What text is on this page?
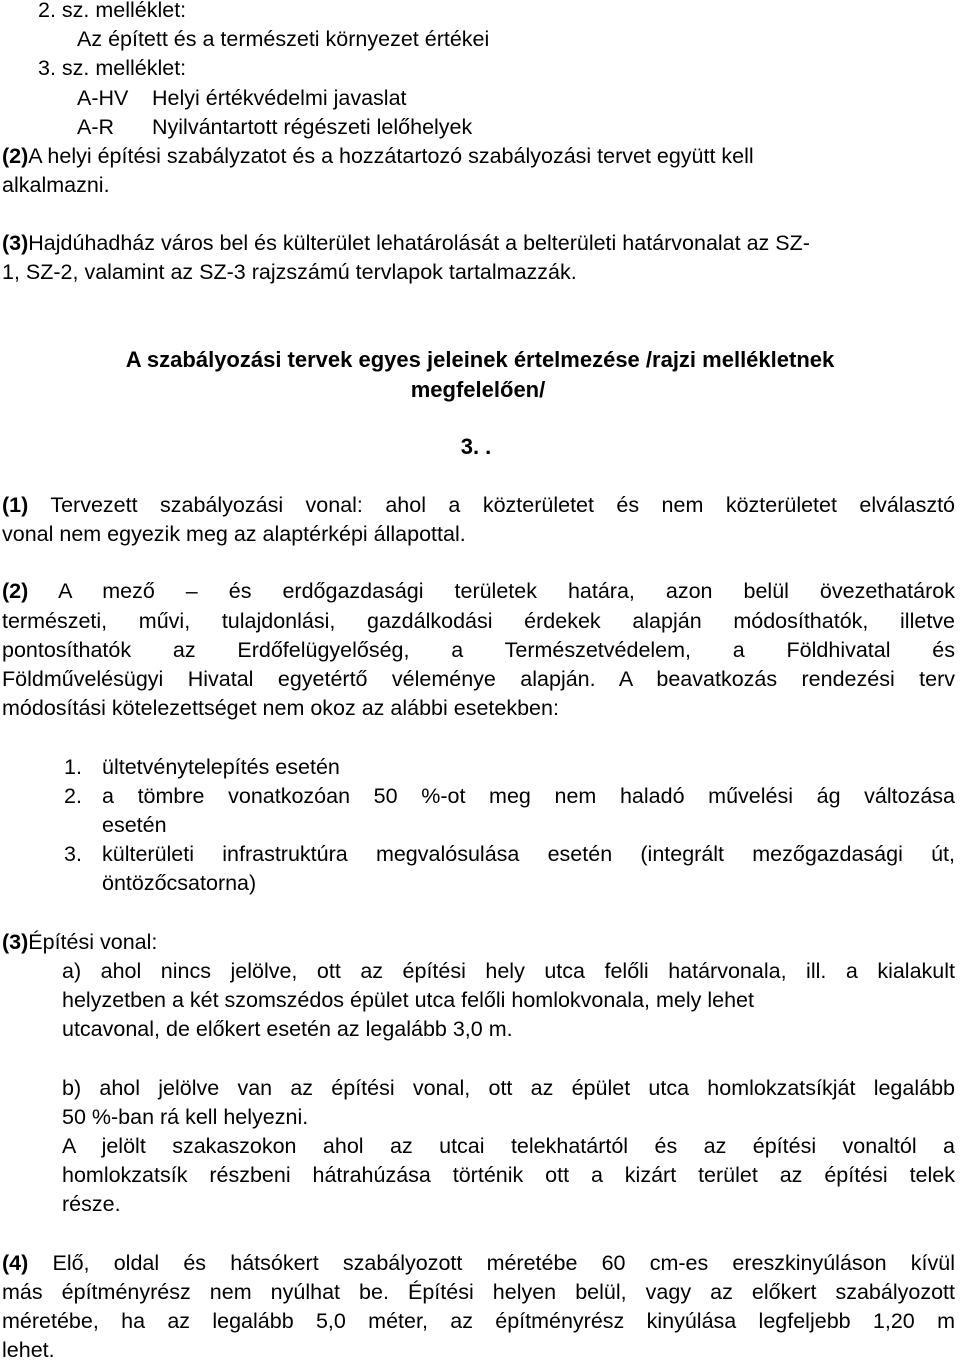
2. sz. melléklet:
Az épített és a természeti környezet értékei
3. sz. melléklet:
A-HV Helyi értékvédelmi javaslat
A-R Nyilvántartott régészeti lelőhelyek
(2)A helyi építési szabályzatot és a hozzátartozó szabályozási tervet együtt kell
alkalmazni.
(3)Hajdúhadház város bel és külterület lehatárolását a belterületi határvonalat az SZ-
1, SZ-2, valamint az SZ-3 rajzszámú tervlapok tartalmazzák.
A szabályozási tervek egyes jeleinek értelmezése /rajzi mellékletnek
megfelelően/
3. .
(1) Tervezett szabályozási vonal: ahol a közterületet és nem közterületet elválasztó
vonal nem egyezik meg az alaptérképi állapottal.
(2) A mező – és erdőgazdasági területek határa, azon belül övezethatárok
természeti, művi, tulajdonlási, gazdálkodási érdekek alapján módosíthatók, illetve
pontosíthatók az Erdőfelügyelőség, a Természetvédelem, a Földhivatal és
Földművelésügyi Hivatal egyetértő véleménye alapján. A beavatkozás rendezési terv
módosítási kötelezettséget nem okoz az alábbi esetekben:
1. ültetvénytelepítés esetén
2. a tömbre vonatkozóan 50 %-ot meg nem haladó művelési ág változása
esetén
3. külterületi infrastruktúra megvalósulása esetén (integrált mezőgazdasági út,
öntözőcsatorna)
(3)Építési vonal:
a) ahol nincs jelölve, ott az építési hely utca felőli határvonala, ill. a kialakult
helyzetben a két szomszédos épület utca felőli homlokvonala, mely lehet
utcavonal, de előkert esetén az legalább 3,0 m.
b) ahol jelölve van az építési vonal, ott az épület utca homlokzatsíkját legalább
50 %-ban rá kell helyezni.
A jelölt szakaszokon ahol az utcai telekhatártól és az építési vonaltól a
homlokzatsík részbeni hátrahúzása történik ott a kizárt terület az építési telek
része.
(4) Elő, oldal és hátsókert szabályozott méretébe 60 cm-es ereszkinyúláson kívül
más építményrész nem nyúlhat be. Építési helyen belül, vagy az előkert szabályozott
méretébe, ha az legalább 5,0 méter, az építményrész kinyúlása legfeljebb 1,20 m
lehet.
